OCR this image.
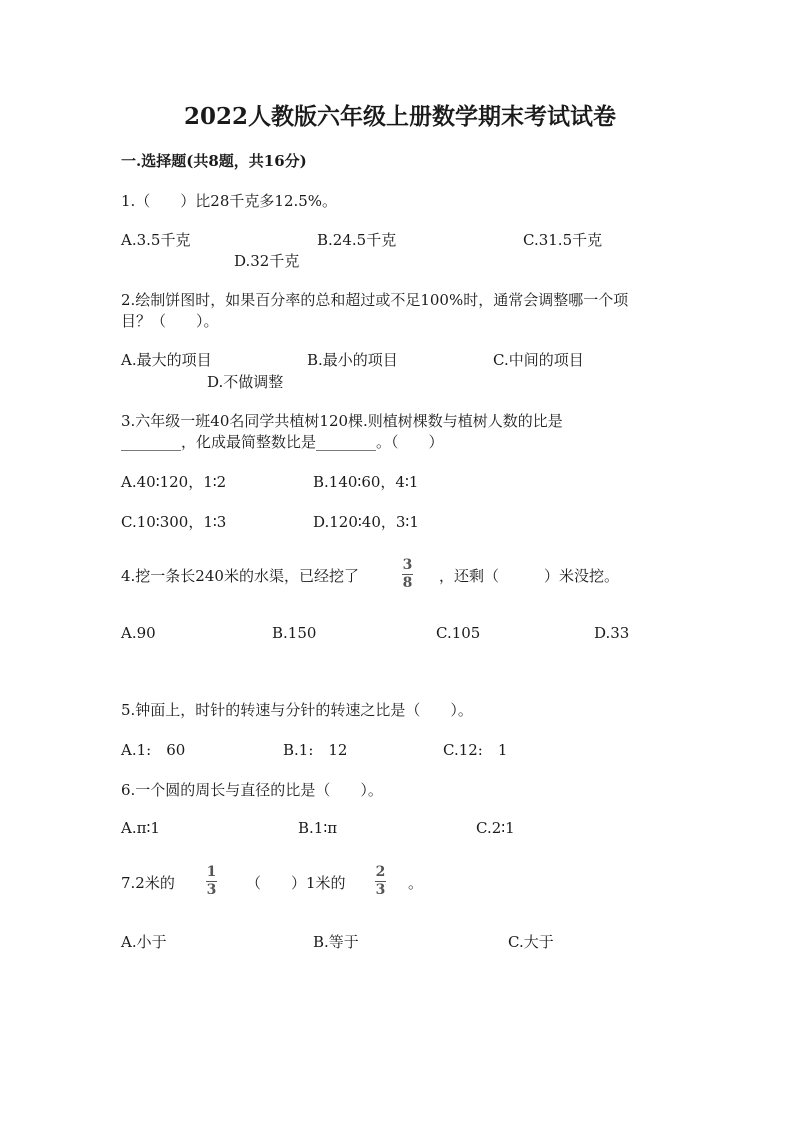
2022人教版六年级上册数学期末考试试卷
一.选择题(共8题，共16分)
1.（　　）比28千克多12.5%。
A.3.5千克	B.24.5千克	C.31.5千克
D.32千克
2.绘制饼图时，如果百分率的总和超过或不足100%时，通常会调整哪一个项
目？（　　）。
A.最大的项目	B.最小的项目	C.中间的项目
D.不做调整
3.六年级一班40名同学共植树120棵.则植树棵数与植树人数的比是
________，化成最简整数比是________。（　　）
A.40∶120，1∶2	B.140∶60，4∶1
C.10∶300，1∶3	D.120∶40，3∶1
4.挖一条长240米的水渠，已经挖了
3
8 ，还剩（　　　）米没挖。
A.90	B.150	C.105	D.33
5.钟面上，时针的转速与分针的转速之比是（　　）。
A.1:　60	B.1:　12	C.12:　1
6.一个圆的周长与直径的比是（　　）。
A.π∶1	B.1∶π	C.2∶1
7.2米的
1
3 （　　）1米的
2
3 。
A.小于	B.等于	C.大于
